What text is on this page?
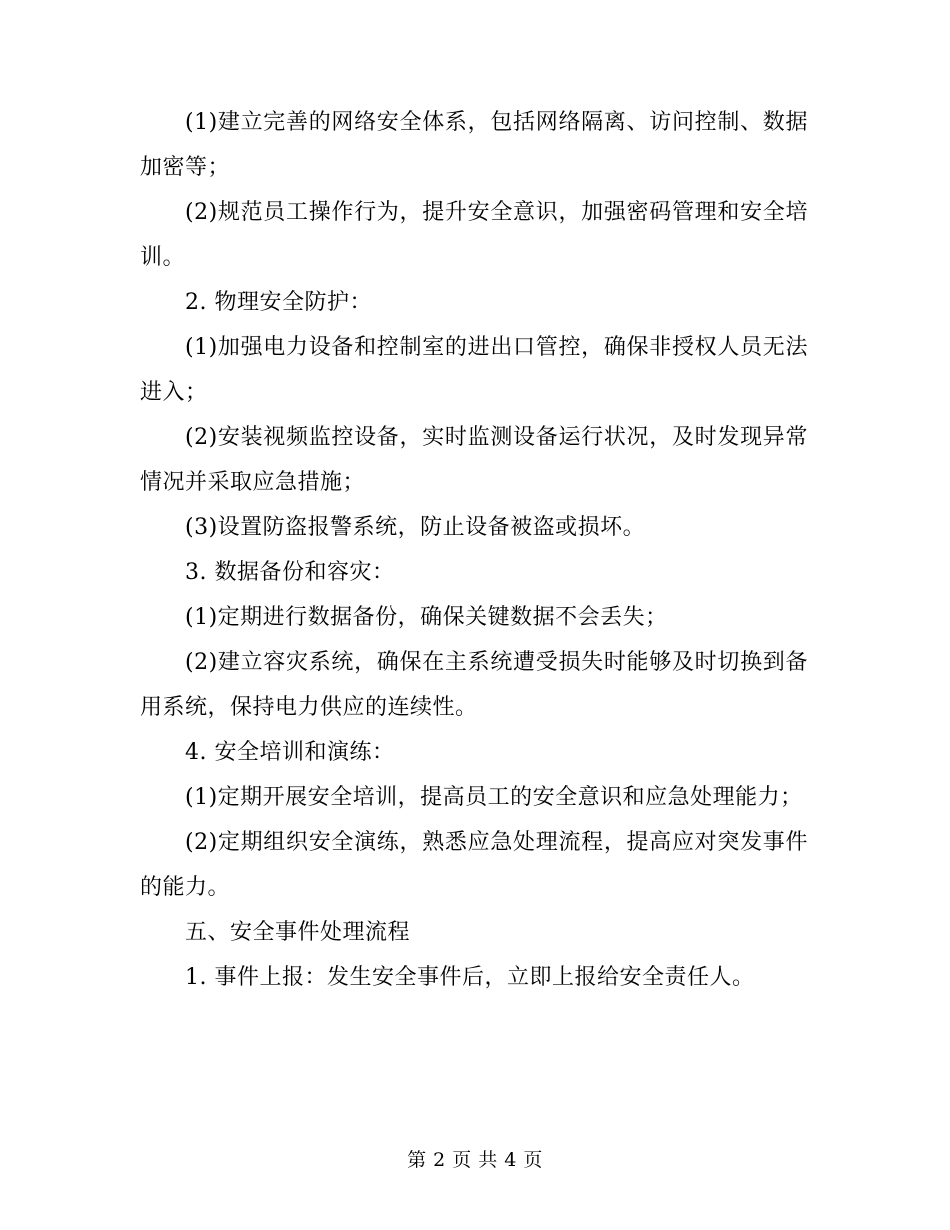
(1)建立完善的网络安全体系，包括网络隔离、访问控制、数据加密等；

(2)规范员工操作行为，提升安全意识，加强密码管理和安全培训。

2. 物理安全防护：

(1)加强电力设备和控制室的进出口管控，确保非授权人员无法进入；

(2)安装视频监控设备，实时监测设备运行状况，及时发现异常情况并采取应急措施；

(3)设置防盗报警系统，防止设备被盗或损坏。

3. 数据备份和容灾：

(1)定期进行数据备份，确保关键数据不会丢失；

(2)建立容灾系统，确保在主系统遭受损失时能够及时切换到备用系统，保持电力供应的连续性。

4. 安全培训和演练：

(1)定期开展安全培训，提高员工的安全意识和应急处理能力；

(2)定期组织安全演练，熟悉应急处理流程，提高应对突发事件的能力。

五、安全事件处理流程

1. 事件上报：发生安全事件后，立即上报给安全责任人。

第 2 页 共 4 页
